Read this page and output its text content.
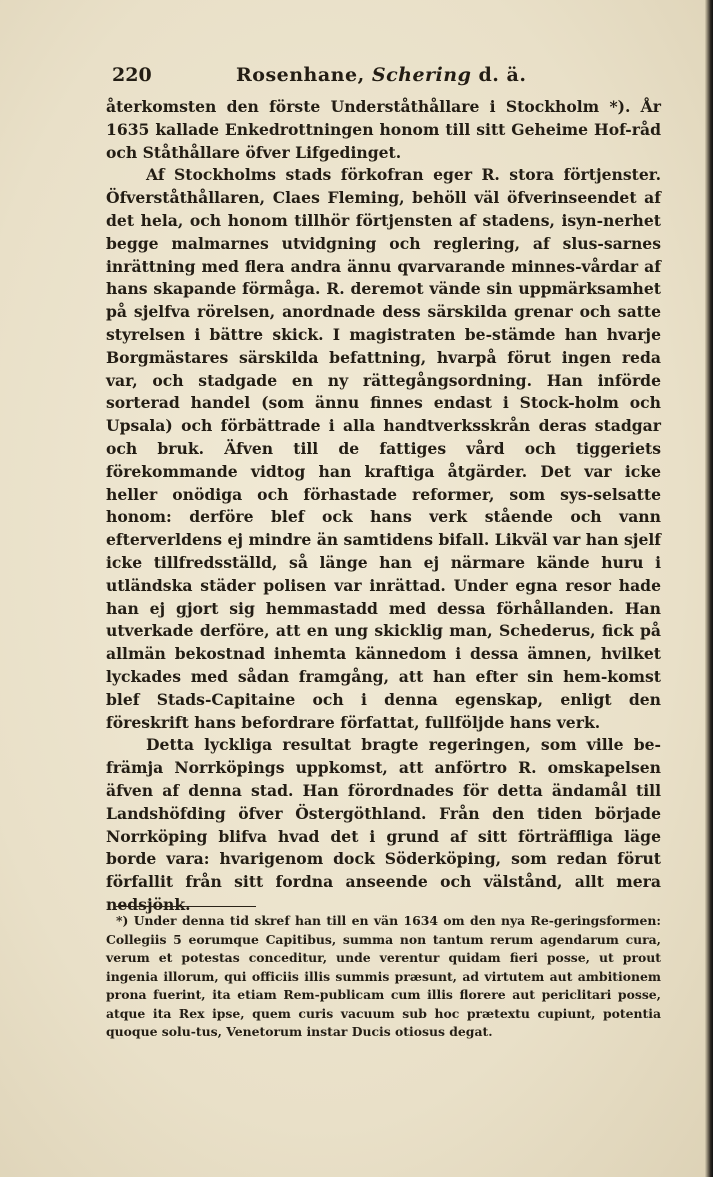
220	Rosenhane, Schering d. ä.

återkomsten den förste Underståthållare i Stockholm *). År 1635 kallade Enkedrottningen honom till sitt Geheime Hof-råd och Ståthållare öfver Lifgedinget.

Af Stockholms stads förkofran eger R. stora förtjenster. Öfverståthållaren, Claes Fleming, behöll väl öfverinseendet af det hela, och honom tillhör förtjensten af stadens, isyn-nerhet begge malmarnes utvidgning och reglering, af slus-sarnes inrättning med flera andra ännu qvarvarande minnes-vårdar af hans skapande förmåga. R. deremot vände sin uppmärksamhet på sjelfva rörelsen, anordnade dess särskilda grenar och satte styrelsen i bättre skick. I magistraten be-stämde han hvarje Borgmästares särskilda befattning, hvarpå förut ingen reda var, och stadgade en ny rättegångsordning. Han införde sorterad handel (som ännu finnes endast i Stock-holm och Upsala) och förbättrade i alla handtverksskrån deras stadgar och bruk. Äfven till de fattiges vård och tiggeriets förekommande vidtog han kraftiga åtgärder. Det var icke heller onödiga och förhastade reformer, som sys-selsatte honom: derföre blef ock hans verk stående och vann efterverldens ej mindre än samtidens bifall. Likväl var han sjelf icke tillfredsställd, så länge han ej närmare kände huru i utländska städer polisen var inrättad. Under egna resor hade han ej gjort sig hemmastadd med dessa förhållanden. Han utverkade derföre, att en ung skicklig man, Schederus, fick på allmän bekostnad inhemta kännedom i dessa ämnen, hvilket lyckades med sådan framgång, att han efter sin hem-komst blef Stads-Capitaine och i denna egenskap, enligt den föreskrift hans befordrare författat, fullföljde hans verk.

Detta lyckliga resultat bragte regeringen, som ville be-främja Norrköpings uppkomst, att anförtro R. omskapelsen äfven af denna stad. Han förordnades för detta ändamål till Landshöfding öfver Östergöthland. Från den tiden började Norrköping blifva hvad det i grund af sitt förträffliga läge borde vara: hvarigenom dock Söderköping, som redan förut förfallit från sitt fordna anseende och välstånd, allt mera nedsjönk.

*) Under denna tid skref han till en vän 1634 om den nya Re-geringsformen: Collegiis 5 eorumque Capitibus, summa non tantum rerum agendarum cura, verum et potestas conceditur, unde verentur quidam fieri posse, ut prout ingenia illorum, qui officiis illis summis præsunt, ad virtutem aut ambitionem prona fuerint, ita etiam Rem-publicam cum illis florere aut periclitari posse, atque ita Rex ipse, quem curis vacuum sub hoc prætextu cupiunt, potentia quoque solu-tus, Venetorum instar Ducis otiosus degat.
